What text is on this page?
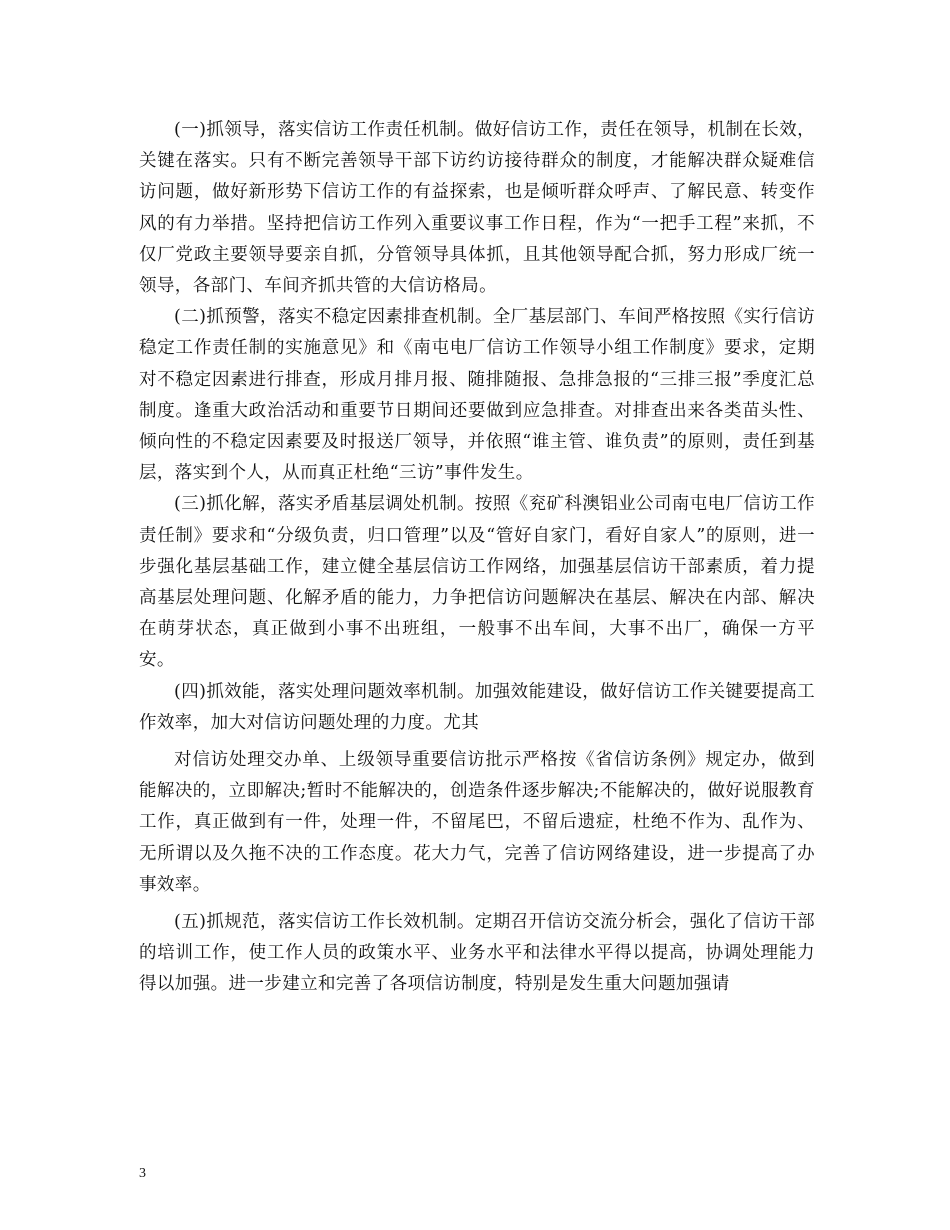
(一)抓领导，落实信访工作责任机制。做好信访工作，责任在领导，机制在长效，关键在落实。只有不断完善领导干部下访约访接待群众的制度，才能解决群众疑难信访问题，做好新形势下信访工作的有益探索，也是倾听群众呼声、了解民意、转变作风的有力举措。坚持把信访工作列入重要议事工作日程，作为“一把手工程”来抓，不仅厂党政主要领导要亲自抓，分管领导具体抓，且其他领导配合抓，努力形成厂统一领导，各部门、车间齐抓共管的大信访格局。

(二)抓预警，落实不稳定因素排查机制。全厂基层部门、车间严格按照《实行信访稳定工作责任制的实施意见》和《南屯电厂信访工作领导小组工作制度》要求，定期对不稳定因素进行排查，形成月排月报、随排随报、急排急报的“三排三报”季度汇总制度。逢重大政治活动和重要节日期间还要做到应急排查。对排查出来各类苗头性、倾向性的不稳定因素要及时报送厂领导，并依照“谁主管、谁负责”的原则，责任到基层，落实到个人，从而真正杜绝“三访”事件发生。

(三)抓化解，落实矛盾基层调处机制。按照《兖矿科澳铝业公司南屯电厂信访工作责任制》要求和“分级负责，归口管理”以及“管好自家门，看好自家人”的原则，进一步强化基层基础工作，建立健全基层信访工作网络，加强基层信访干部素质，着力提高基层处理问题、化解矛盾的能力，力争把信访问题解决在基层、解决在内部、解决在萌芽状态，真正做到小事不出班组，一般事不出车间，大事不出厂，确保一方平安。

(四)抓效能，落实处理问题效率机制。加强效能建设，做好信访工作关键要提高工作效率，加大对信访问题处理的力度。尤其

对信访处理交办单、上级领导重要信访批示严格按《省信访条例》规定办，做到能解决的，立即解决;暂时不能解决的，创造条件逐步解决;不能解决的，做好说服教育工作，真正做到有一件，处理一件，不留尾巴，不留后遗症，杜绝不作为、乱作为、无所谓以及久拖不决的工作态度。花大力气，完善了信访网络建设，进一步提高了办事效率。

(五)抓规范，落实信访工作长效机制。定期召开信访交流分析会，强化了信访干部的培训工作，使工作人员的政策水平、业务水平和法律水平得以提高，协调处理能力得以加强。进一步建立和完善了各项信访制度，特别是发生重大问题加强请

3
